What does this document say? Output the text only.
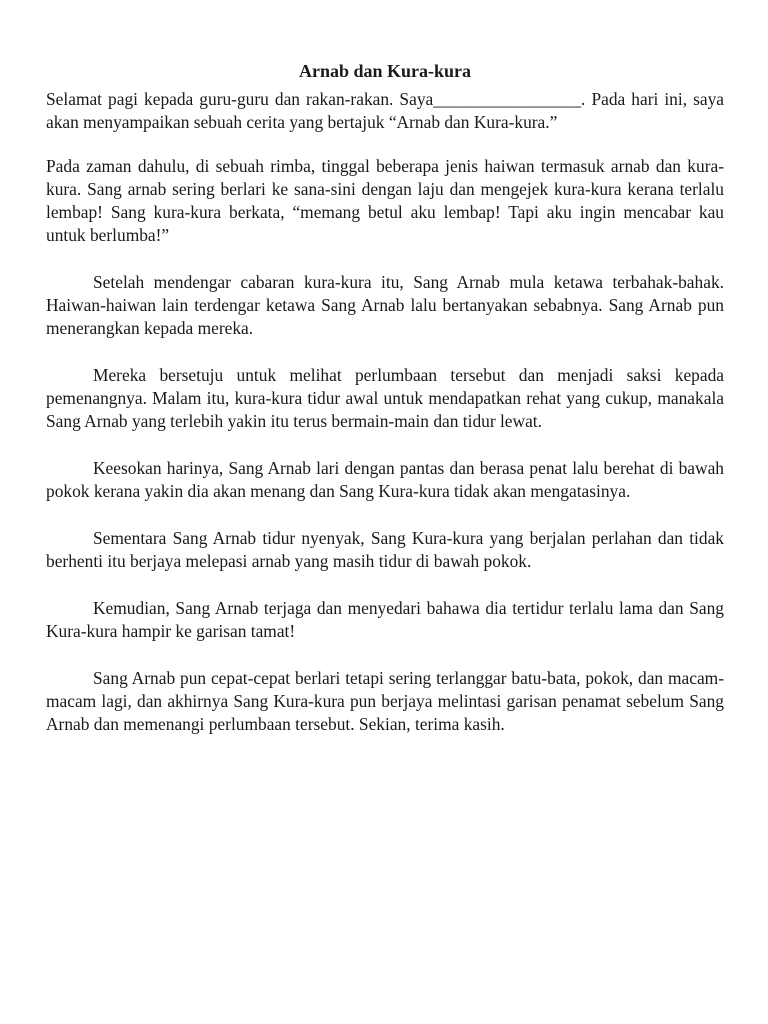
Arnab dan Kura-kura

Selamat pagi kepada guru-guru dan rakan-rakan. Saya_________________. Pada hari ini, saya akan menyampaikan sebuah cerita yang bertajuk “Arnab dan Kura-kura.”

Pada zaman dahulu, di sebuah rimba, tinggal beberapa jenis haiwan termasuk arnab dan kura-kura. Sang arnab sering berlari ke sana-sini dengan laju dan mengejek kura-kura kerana terlalu lembap! Sang kura-kura berkata, “memang betul aku lembap! Tapi aku ingin mencabar kau untuk berlumba!”

Setelah mendengar cabaran kura-kura itu, Sang Arnab mula ketawa terbahak-bahak. Haiwan-haiwan lain terdengar ketawa Sang Arnab lalu bertanyakan sebabnya. Sang Arnab pun menerangkan kepada mereka.

Mereka bersetuju untuk melihat perlumbaan tersebut dan menjadi saksi kepada pemenangnya. Malam itu, kura-kura tidur awal untuk mendapatkan rehat yang cukup, manakala Sang Arnab yang terlebih yakin itu terus bermain-main dan tidur lewat.

Keesokan harinya, Sang Arnab lari dengan pantas dan berasa penat lalu berehat di bawah pokok kerana yakin dia akan menang dan Sang Kura-kura tidak akan mengatasinya.

Sementara Sang Arnab tidur nyenyak, Sang Kura-kura yang berjalan perlahan dan tidak berhenti itu berjaya melepasi arnab yang masih tidur di bawah pokok.

Kemudian, Sang Arnab terjaga dan menyedari bahawa dia tertidur terlalu lama dan Sang Kura-kura hampir ke garisan tamat!

Sang Arnab pun cepat-cepat berlari tetapi sering terlanggar batu-bata, pokok, dan macam-macam lagi, dan akhirnya Sang Kura-kura pun berjaya melintasi garisan penamat sebelum Sang Arnab dan memenangi perlumbaan tersebut. Sekian, terima kasih.
